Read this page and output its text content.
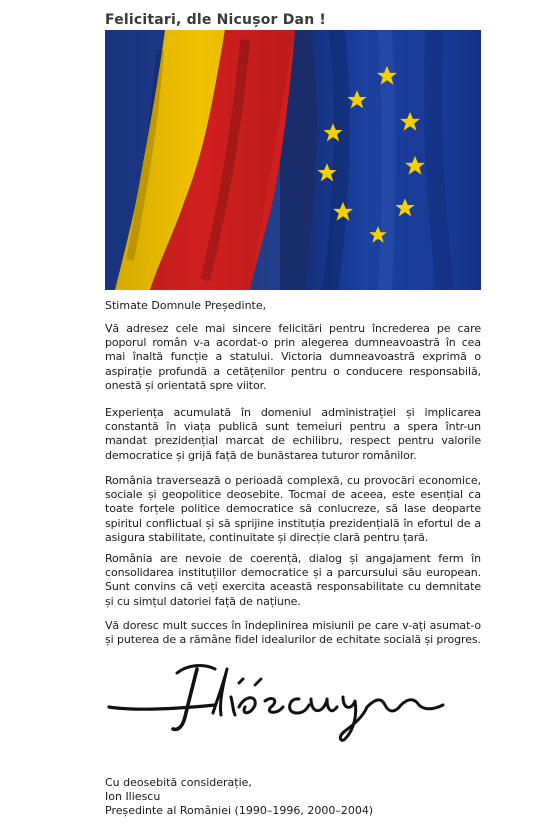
Felicitari, dle Nicușor Dan !
Stimate Domnule Președinte,

Vă adresez cele mai sincere felicitări pentru încrederea pe care poporul român v-a acordat-o prin alegerea dumneavoastră în cea mai înaltă funcție a statului. Victoria dumneavoastră exprimă o aspirație profundă a cetățenilor pentru o conducere responsabilă, onestă și orientată spre viitor.

Experiența acumulată în domeniul administrației și implicarea constantă în viața publică sunt temeiuri pentru a spera într-un mandat prezidențial marcat de echilibru, respect pentru valorile democratice și grijă față de bunăstarea tuturor românilor.

România traversează o perioadă complexă, cu provocări economice, sociale și geopolitice deosebite. Tocmai de aceea, este esențial ca toate forțele politice democratice să conlucreze, să lase deoparte spiritul conflictual și să sprijine instituția prezidențială în efortul de a asigura stabilitate, continuitate și direcție clară pentru țară.

România are nevoie de coerență, dialog și angajament ferm în consolidarea instituțiilor democratice și a parcursului său european. Sunt convins că veți exercita această responsabilitate cu demnitate și cu simțul datoriei față de națiune.

Vă doresc mult succes în îndeplinirea misiunii pe care v-ați asumat-o și puterea de a rămâne fidel idealurilor de echitate socială și progres.

Cu deosebită considerație,
Ion Iliescu
Președinte al României (1990–1996, 2000–2004)
